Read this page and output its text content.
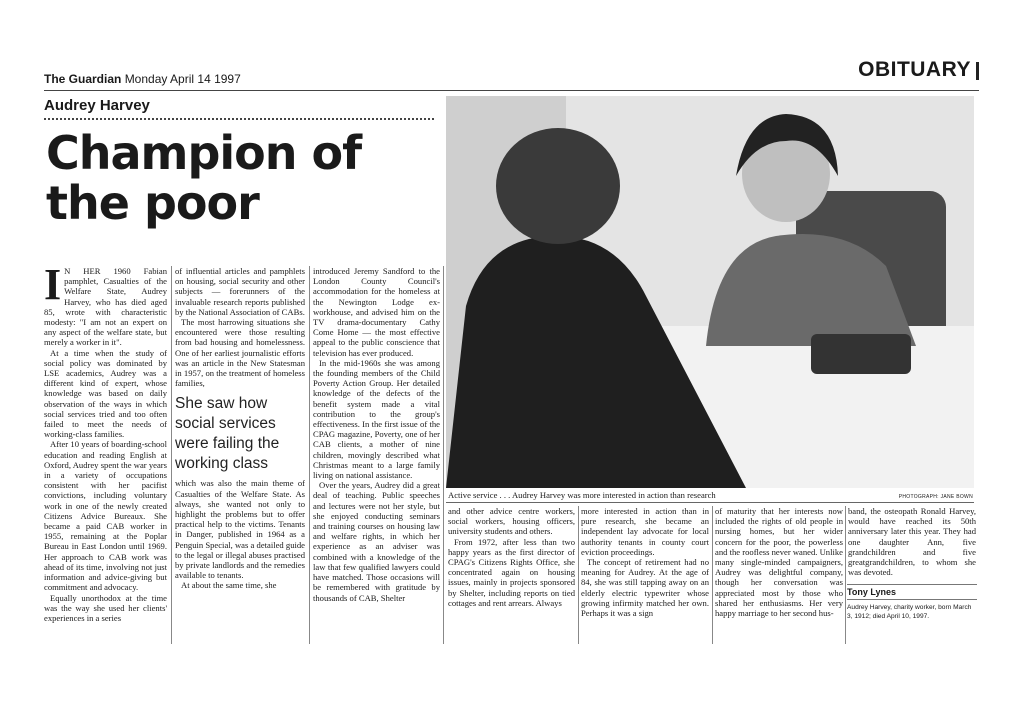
The Guardian Monday April 14 1997	OBITUARY
Audrey Harvey
Champion of
the poor

I N HER 1960 Fabian pamphlet, Casualties of the Welfare State, Audrey Harvey, who has died aged 85, wrote with characteristic modesty: "I am not an expert on any aspect of the welfare state, but merely a worker in it".

At a time when the study of social policy was dominated by LSE academics, Audrey was a different kind of expert, whose knowledge was based on daily observation of the ways in which social services tried and too often failed to meet the needs of working-class families.

After 10 years of boarding-school education and reading English at Oxford, Audrey spent the war years in a variety of occupations consistent with her pacifist convictions, including voluntary work in one of the newly created Citizens Advice Bureaux. She became a paid CAB worker in 1955, remaining at the Poplar Bureau in East London until 1969. Her approach to CAB work was ahead of its time, involving not just information and advice-giving but commitment and advocacy.

Equally unorthodox at the time was the way she used her clients' experiences in a series

of influential articles and pamphlets on housing, social security and other subjects — forerunners of the invaluable research reports published by the National Association of CABs.

The most harrowing situations she encountered were those resulting from bad housing and homelessness. One of her earliest journalistic efforts was an article in the New Statesman in 1957, on the treatment of homeless families,

She saw how
social services
were failing the
working class

which was also the main theme of Casualties of the Welfare State. As always, she wanted not only to highlight the problems but to offer practical help to the victims. Tenants in Danger, published in 1964 as a Penguin Special, was a detailed guide to the legal or illegal abuses practised by private landlords and the remedies available to tenants.

At about the same time, she

introduced Jeremy Sandford to the London County Council's accommodation for the homeless at the Newington Lodge ex-workhouse, and advised him on the TV drama-documentary Cathy Come Home — the most effective appeal to the public conscience that television has ever produced.

In the mid-1960s she was among the founding members of the Child Poverty Action Group. Her detailed knowledge of the defects of the benefit system made a vital contribution to the group's effectiveness. In the first issue of the CPAG magazine, Poverty, one of her CAB clients, a mother of nine children, movingly described what Christmas meant to a large family living on national assistance.

Over the years, Audrey did a great deal of teaching. Public speeches and lectures were not her style, but she enjoyed conducting seminars and training courses on housing law and welfare rights, in which her experience as an adviser was combined with a knowledge of the law that few qualified lawyers could have matched. Those occasions will be remembered with gratitude by thousands of CAB, Shelter

Active service . . . Audrey Harvey was more interested in action than research	PHOTOGRAPH: JANE BOWN

and other advice centre workers, social workers, housing officers, university students and others.

From 1972, after less than two happy years as the first director of CPAG's Citizens Rights Office, she concentrated again on housing issues, mainly in projects sponsored by Shelter, including reports on tied cottages and rent arrears. Always

more interested in action than in pure research, she became an independent lay advocate for local authority tenants in county court eviction proceedings.

The concept of retirement had no meaning for Audrey. At the age of 84, she was still tapping away on an elderly electric typewriter whose growing infirmity matched her own. Perhaps it was a sign

of maturity that her interests now included the rights of old people in nursing homes, but her wider concern for the poor, the powerless and the roofless never waned. Unlike many single-minded campaigners, Audrey was delightful company, though her conversation was appreciated most by those who shared her enthusiasms. Her very happy marriage to her second hus-

band, the osteopath Ronald Harvey, would have reached its 50th anniversary later this year. They had one daughter Ann, five grandchildren and five greatgrandchildren, to whom she was devoted.

Tony Lynes
Audrey Harvey, charity worker, born March 3, 1912; died April 10, 1997.
